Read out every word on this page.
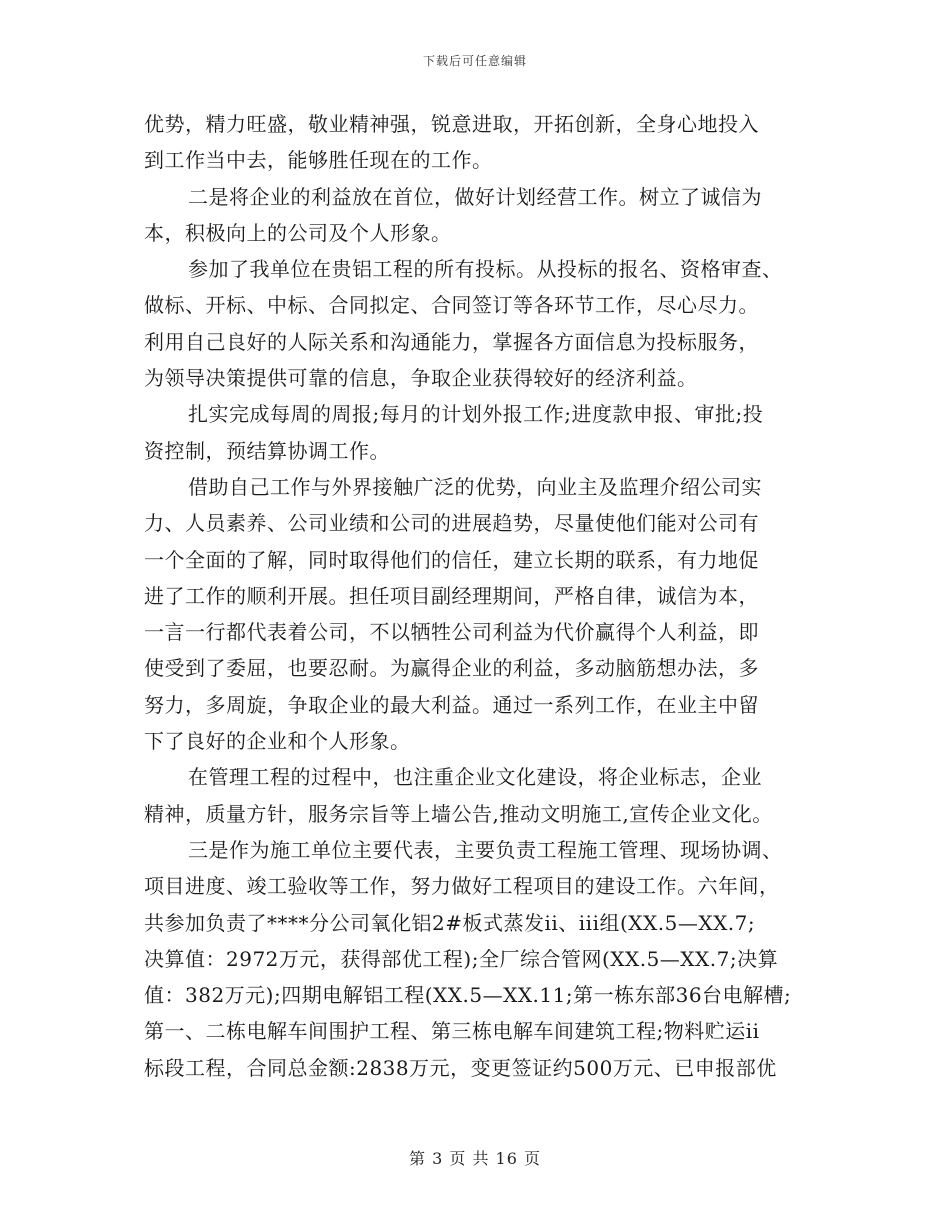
下载后可任意编辑
优势，精力旺盛，敬业精神强，锐意进取，开拓创新，全身心地投入
到工作当中去，能够胜任现在的工作。
二是将企业的利益放在首位，做好计划经营工作。树立了诚信为
本，积极向上的公司及个人形象。
参加了我单位在贵铝工程的所有投标。从投标的报名、资格审查、
做标、开标、中标、合同拟定、合同签订等各环节工作，尽心尽力。
利用自己良好的人际关系和沟通能力，掌握各方面信息为投标服务，
为领导决策提供可靠的信息，争取企业获得较好的经济利益。
扎实完成每周的周报;每月的计划外报工作;进度款申报、审批;投
资控制，预结算协调工作。
借助自己工作与外界接触广泛的优势，向业主及监理介绍公司实
力、人员素养、公司业绩和公司的进展趋势，尽量使他们能对公司有
一个全面的了解，同时取得他们的信任，建立长期的联系，有力地促
进了工作的顺利开展。担任项目副经理期间，严格自律，诚信为本，
一言一行都代表着公司，不以牺牲公司利益为代价赢得个人利益，即
使受到了委屈，也要忍耐。为赢得企业的利益，多动脑筋想办法，多
努力，多周旋，争取企业的最大利益。通过一系列工作，在业主中留
下了良好的企业和个人形象。
在管理工程的过程中，也注重企业文化建设，将企业标志，企业
精神，质量方针，服务宗旨等上墙公告,推动文明施工,宣传企业文化。
三是作为施工单位主要代表，主要负责工程施工管理、现场协调、
项目进度、竣工验收等工作，努力做好工程项目的建设工作。六年间，
共参加负责了****分公司氧化铝2#板式蒸发ii、iii组(XX.5—XX.7;
决算值：2972万元，获得部优工程);全厂综合管网(XX.5—XX.7;决算
值：382万元);四期电解铝工程(XX.5—XX.11;第一栋东部36台电解槽;
第一、二栋电解车间围护工程、第三栋电解车间建筑工程;物料贮运ii
标段工程，合同总金额:2838万元，变更签证约500万元、已申报部优
第 3 页 共 16 页
